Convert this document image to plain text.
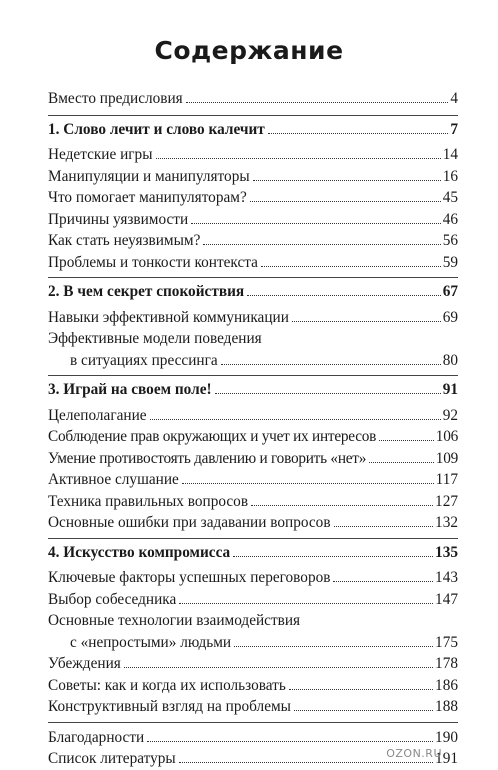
Содержание
Вместо предисловия	4
1. Слово лечит и слово калечит	7
Недетские игры	14
Манипуляции и манипуляторы	16
Что помогает манипуляторам?	45
Причины уязвимости	46
Как стать неуязвимым?	56
Проблемы и тонкости контекста	59
2. В чем секрет спокойствия	67
Навыки эффективной коммуникации	69
Эффективные модели поведения
в ситуациях прессинга	80
3. Играй на своем поле!	91
Целеполагание	92
Соблюдение прав окружающих и учет их интересов	106
Умение противостоять давлению и говорить «нет»	109
Активное слушание	117
Техника правильных вопросов	127
Основные ошибки при задавании вопросов	132
4. Искусство компромисса	135
Ключевые факторы успешных переговоров	143
Выбор собеседника	147
Основные технологии взаимодействия
с «непростыми» людьми	175
Убеждения	178
Советы: как и когда их использовать	186
Конструктивный взгляд на проблемы	188
Благодарности	190
Список литературы	191
OZON.RU
